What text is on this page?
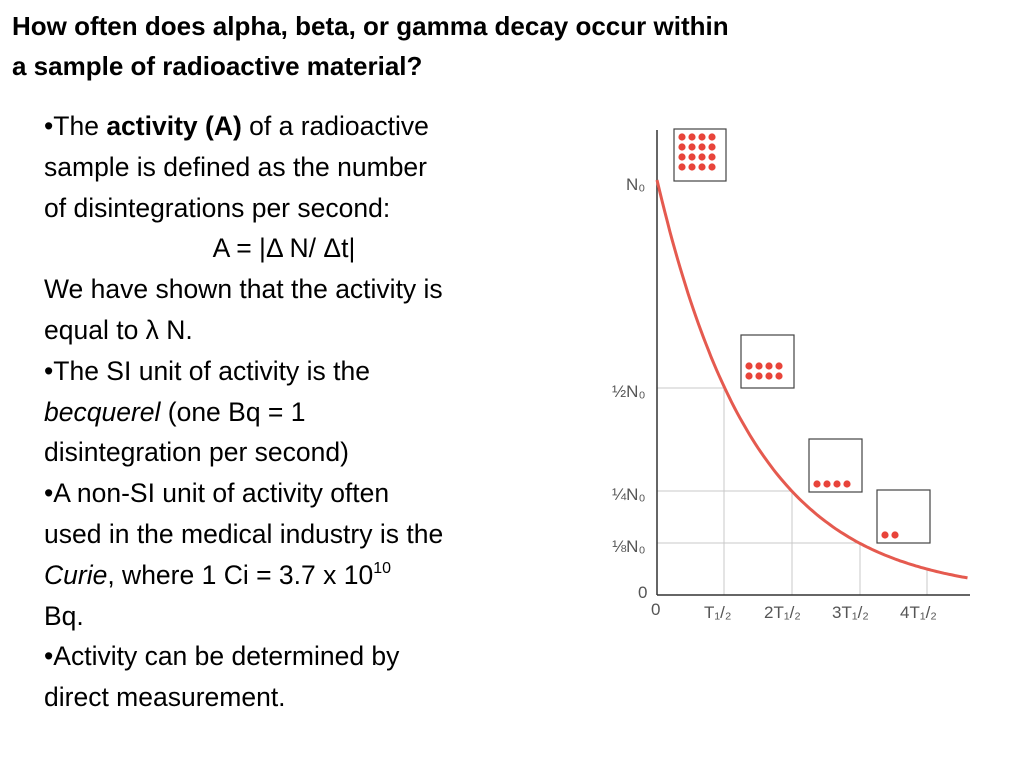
How often does alpha, beta, or gamma decay occur within
a sample of radioactive material?
•The activity (A) of a radioactive
sample is defined as the number
of disintegrations per second:
A = |Δ N/ Δt|
We have shown that the activity is
equal to λ N.
•The SI unit of activity is the
becquerel (one Bq = 1
disintegration per second)
•A non-SI unit of activity often
used in the medical industry is the
Curie, where 1 Ci = 3.7 x $10^{10}$
Bq.
•Activity can be determined by
direct measurement.
N₀
½N₀
¼N₀
⅛N₀
0
0	T₁/₂ 2T₁/₂ 3T₁/₂ 4T₁/₂
